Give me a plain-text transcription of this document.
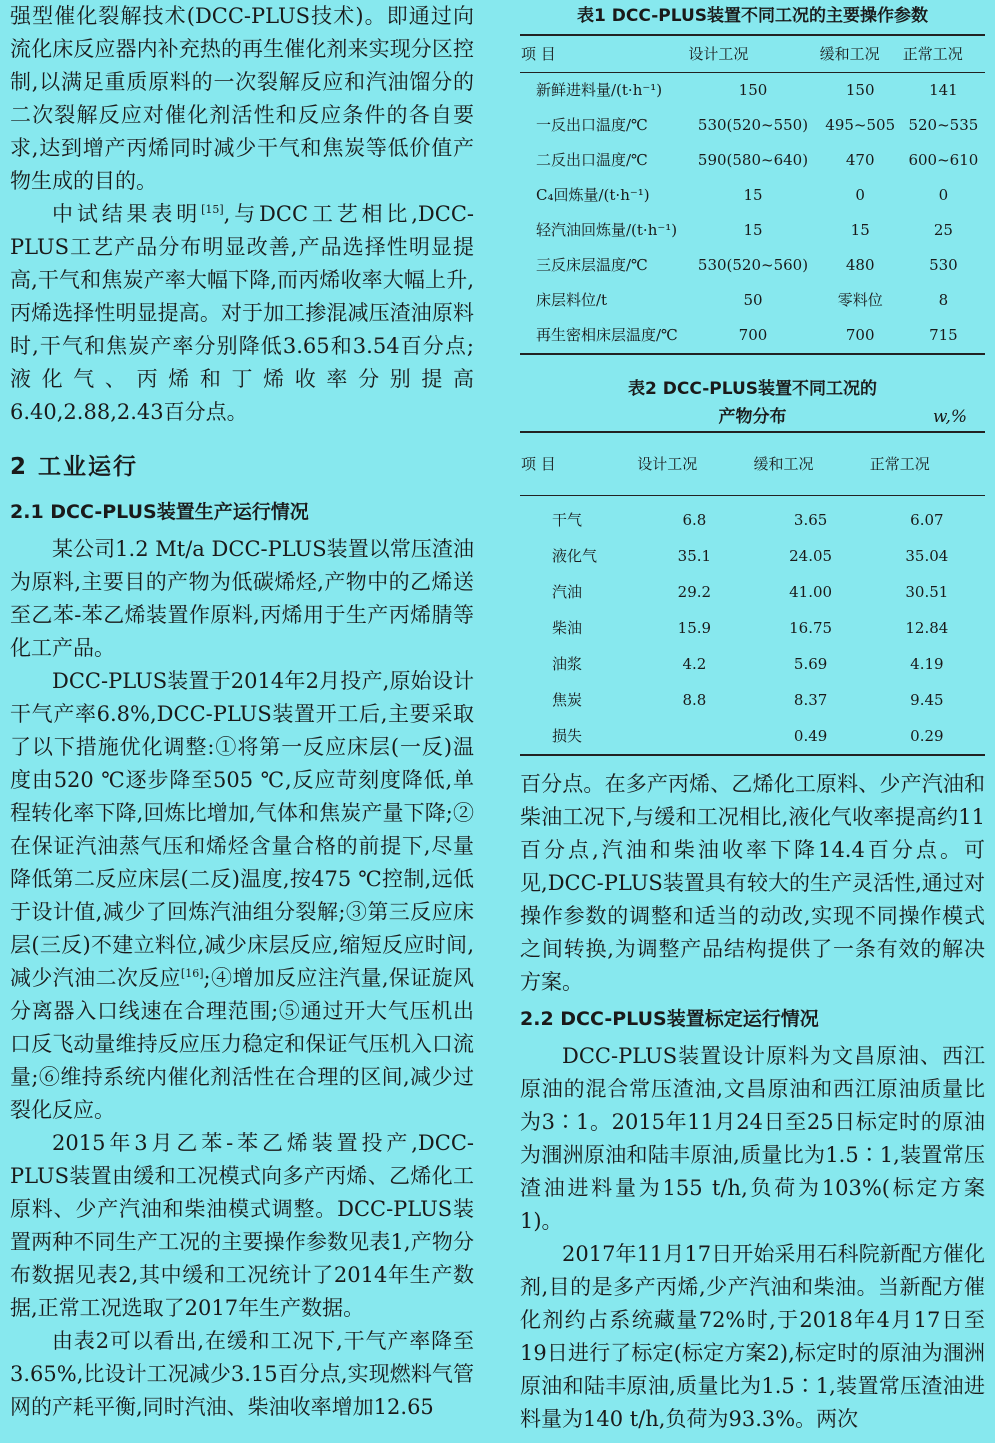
强型催化裂解技术(DCC-PLUS技术)。即通过向流化床反应器内补充热的再生催化剂来实现分区控制,以满足重质原料的一次裂解反应和汽油馏分的二次裂解反应对催化剂活性和反应条件的各自要求,达到增产丙烯同时减少干气和焦炭等低价值产物生成的目的。

中试结果表明[15],与DCC工艺相比,DCC-PLUS工艺产品分布明显改善,产品选择性明显提高,干气和焦炭产率大幅下降,而丙烯收率大幅上升,丙烯选择性明显提高。对于加工掺混减压渣油原料时,干气和焦炭产率分别降低3.65和3.54百分点;液化气、丙烯和丁烯收率分别提高6.40,2.88,2.43百分点。

2 工业运行
2.1 DCC-PLUS装置生产运行情况

某公司1.2 Mt/a DCC-PLUS装置以常压渣油为原料,主要目的产物为低碳烯烃,产物中的乙烯送至乙苯-苯乙烯装置作原料,丙烯用于生产丙烯腈等化工产品。

DCC-PLUS装置于2014年2月投产,原始设计干气产率6.8%,DCC-PLUS装置开工后,主要采取了以下措施优化调整:①将第一反应床层(一反)温度由520 ℃逐步降至505 ℃,反应苛刻度降低,单程转化率下降,回炼比增加,气体和焦炭产量下降;②在保证汽油蒸气压和烯烃含量合格的前提下,尽量降低第二反应床层(二反)温度,按475 ℃控制,远低于设计值,减少了回炼汽油组分裂解;③第三反应床层(三反)不建立料位,减少床层反应,缩短反应时间,减少汽油二次反应[16];④增加反应注汽量,保证旋风分离器入口线速在合理范围;⑤通过开大气压机出口反飞动量维持反应压力稳定和保证气压机入口流量;⑥维持系统内催化剂活性在合理的区间,减少过裂化反应。

2015年3月乙苯-苯乙烯装置投产,DCC-PLUS装置由缓和工况模式向多产丙烯、乙烯化工原料、少产汽油和柴油模式调整。DCC-PLUS装置两种不同生产工况的主要操作参数见表1,产物分布数据见表2,其中缓和工况统计了2014年生产数据,正常工况选取了2017年生产数据。

由表2可以看出,在缓和工况下,干气产率降至3.65%,比设计工况减少3.15百分点,实现燃料气管网的产耗平衡,同时汽油、柴油收率增加12.65

表1 DCC-PLUS装置不同工况的主要操作参数
项 目	设计工况	缓和工况	正常工况
新鲜进料量/(t·h⁻¹)	150	150	141
一反出口温度/℃	530(520~550)	495~505	520~535
二反出口温度/℃	590(580~640)	470	600~610
C₄回炼量/(t·h⁻¹)	15	0	0
轻汽油回炼量/(t·h⁻¹)	15	15	25
三反床层温度/℃	530(520~560)	480	530
床层料位/t	50	零料位	8
再生密相床层温度/℃	700	700	715
表2 DCC-PLUS装置不同工况的
产物分布	w,%
项 目	设计工况	缓和工况	正常工况
干气	6.8	3.65	6.07
液化气	35.1	24.05	35.04
汽油	29.2	41.00	30.51
柴油	15.9	16.75	12.84
油浆	4.2	5.69	4.19
焦炭	8.8	8.37	9.45
损失		0.49	0.29

百分点。在多产丙烯、乙烯化工原料、少产汽油和柴油工况下,与缓和工况相比,液化气收率提高约11百分点,汽油和柴油收率下降14.4百分点。可见,DCC-PLUS装置具有较大的生产灵活性,通过对操作参数的调整和适当的动改,实现不同操作模式之间转换,为调整产品结构提供了一条有效的解决方案。

2.2 DCC-PLUS装置标定运行情况

DCC-PLUS装置设计原料为文昌原油、西江原油的混合常压渣油,文昌原油和西江原油质量比为3∶1。2015年11月24日至25日标定时的原油为涠洲原油和陆丰原油,质量比为1.5∶1,装置常压渣油进料量为155 t/h,负荷为103%(标定方案1)。

2017年11月17日开始采用石科院新配方催化剂,目的是多产丙烯,少产汽油和柴油。当新配方催化剂约占系统藏量72%时,于2018年4月17日至19日进行了标定(标定方案2),标定时的原油为涠洲原油和陆丰原油,质量比为1.5∶1,装置常压渣油进料量为140 t/h,负荷为93.3%。两次
